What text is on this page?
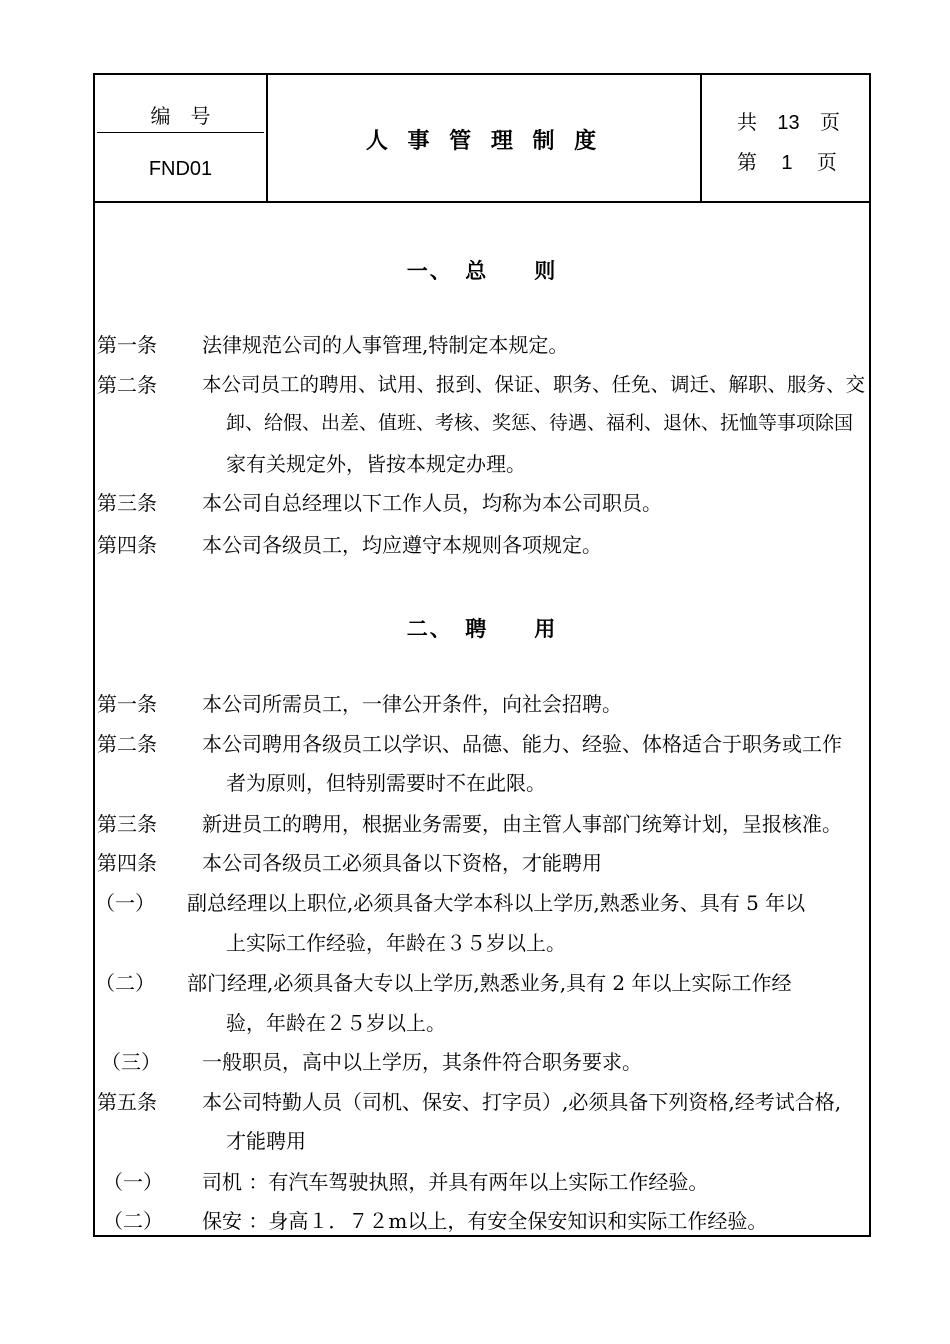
编　号
FND01
人 事 管 理 制 度
共 13 页
第 1 页
一、　总　　则
第一条 法律规范公司的人事管理,特制定本规定。
第二条 本公司员工的聘用、试用、报到、保证、职务、任免、调迁、解职、服务、交
卸、给假、出差、值班、考核、奖惩、待遇、福利、退休、抚恤等事项除国
家有关规定外，皆按本规定办理。
第三条 本公司自总经理以下工作人员，均称为本公司职员。
第四条 本公司各级员工，均应遵守本规则各项规定。
二、　聘　　用
第一条 本公司所需员工，一律公开条件，向社会招聘。
第二条 本公司聘用各级员工以学识、品德、能力、经验、体格适合于职务或工作
者为原则，但特别需要时不在此限。
第三条 新进员工的聘用，根据业务需要，由主管人事部门统筹计划，呈报核准。
第四条 本公司各级员工必须具备以下资格，才能聘用
（一） 副总经理以上职位,必须具备大学本科以上学历,熟悉业务、具有 5 年以
上实际工作经验，年龄在３５岁以上。
（二） 部门经理,必须具备大专以上学历,熟悉业务,具有 2 年以上实际工作经
验，年龄在２５岁以上。
（三） 一般职员，高中以上学历，其条件符合职务要求。
第五条 本公司特勤人员（司机、保安、打字员）,必须具备下列资格,经考试合格,
才能聘用
（一） 司机 ：有汽车驾驶执照，并具有两年以上实际工作经验。
（二） 保安 ：身高１．７２m以上，有安全保安知识和实际工作经验。
